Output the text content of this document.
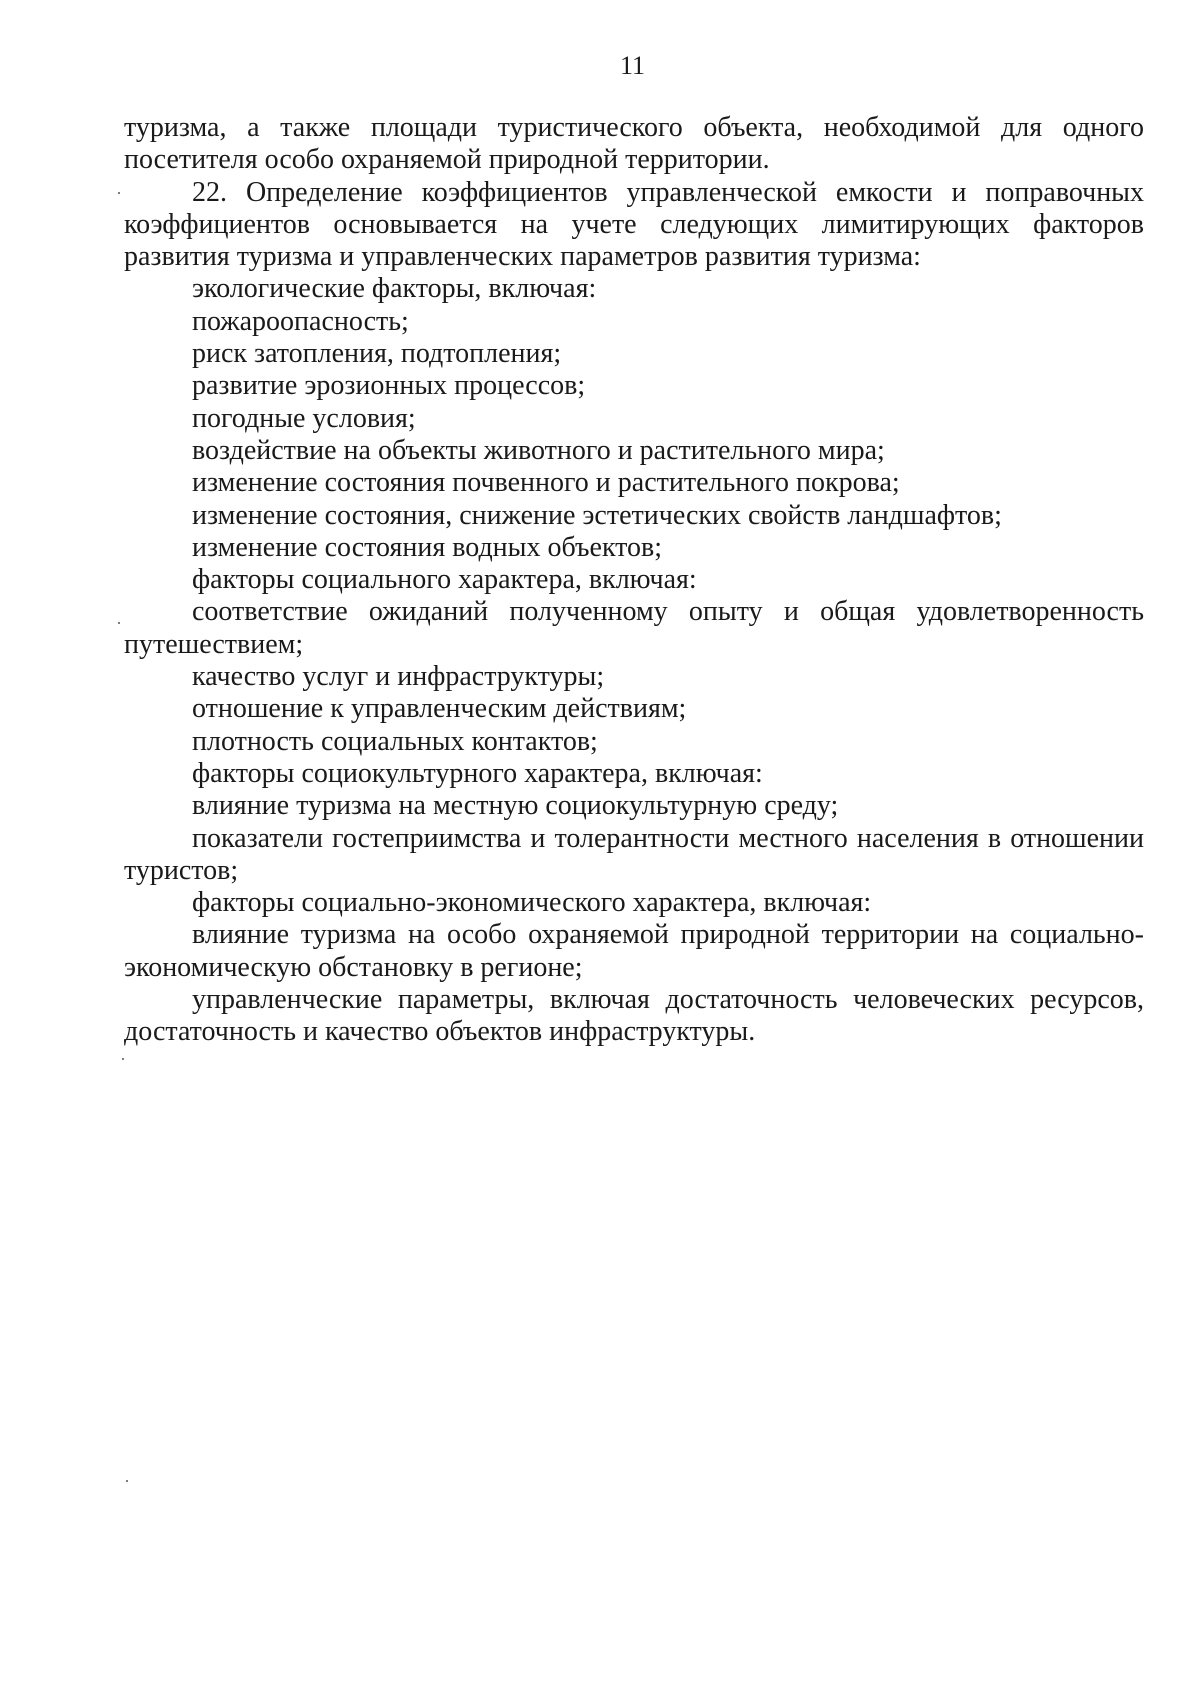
11

туризма, а также площади туристического объекта, необходимой для одного посетителя особо охраняемой природной территории.

22. Определение коэффициентов управленческой емкости и поправочных коэффициентов основывается на учете следующих лимитирующих факторов развития туризма и управленческих параметров развития туризма:

экологические факторы, включая:

пожароопасность;

риск затопления, подтопления;

развитие эрозионных процессов;

погодные условия;

воздействие на объекты животного и растительного мира;

изменение состояния почвенного и растительного покрова;

изменение состояния, снижение эстетических свойств ландшафтов;

изменение состояния водных объектов;

факторы социального характера, включая:

соответствие ожиданий полученному опыту и общая удовлетворенность путешествием;

качество услуг и инфраструктуры;

отношение к управленческим действиям;

плотность социальных контактов;

факторы социокультурного характера, включая:

влияние туризма на местную социокультурную среду;

показатели гостеприимства и толерантности местного населения в отношении туристов;

факторы социально-экономического характера, включая:

влияние туризма на особо охраняемой природной территории на социально-экономическую обстановку в регионе;

управленческие параметры, включая достаточность человеческих ресурсов, достаточность и качество объектов инфраструктуры.
